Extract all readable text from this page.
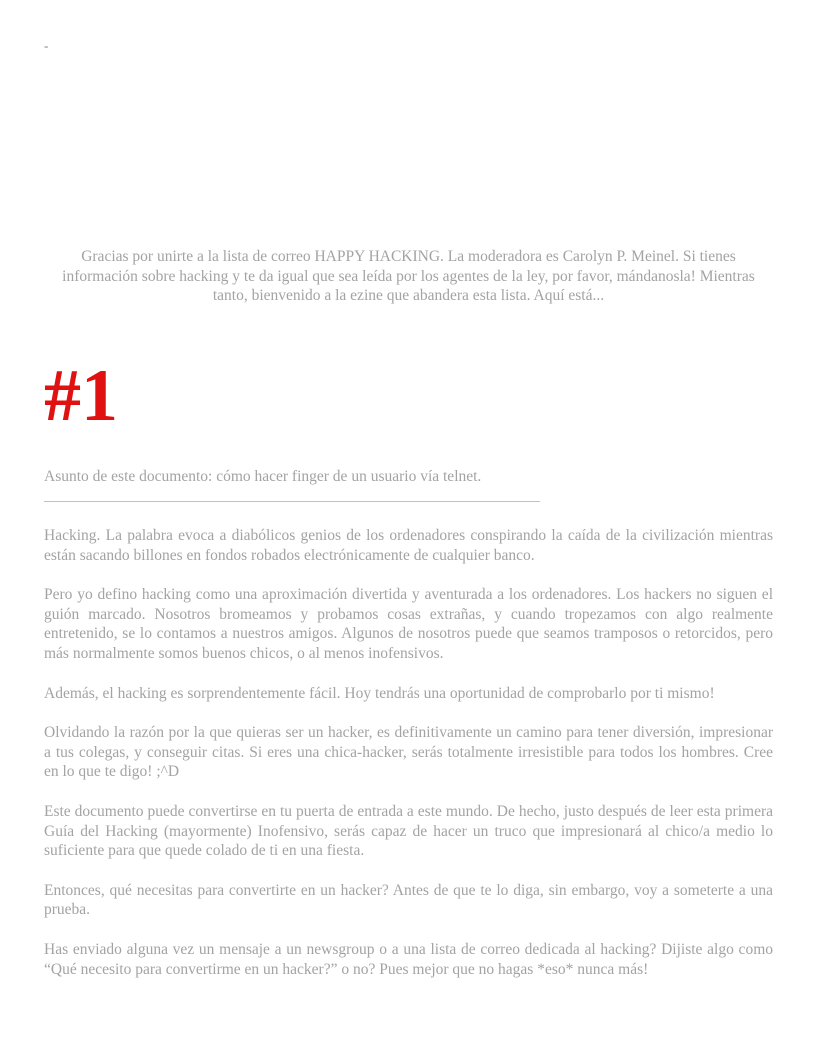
-

Gracias por unirte a la lista de correo HAPPY HACKING. La moderadora es Carolyn P. Meinel. Si tienes información sobre hacking y te da igual que sea leída por los agentes de la ley, por favor, mándanosla! Mientras tanto, bienvenido a la ezine que abandera esta lista. Aquí está...

#1

Asunto de este documento: cómo hacer finger de un usuario vía telnet.

________________________________________________________________

Hacking. La palabra evoca a diabólicos genios de los ordenadores conspirando la caída de la civilización mientras están sacando billones en fondos robados electrónicamente de cualquier banco.

Pero yo defino hacking como una aproximación divertida y aventurada a los ordenadores. Los hackers no siguen el guión marcado. Nosotros bromeamos y probamos cosas extrañas, y cuando tropezamos con algo realmente entretenido, se lo contamos a nuestros amigos. Algunos de nosotros puede que seamos tramposos o retorcidos, pero más normalmente somos buenos chicos, o al menos inofensivos.

Además, el hacking es sorprendentemente fácil. Hoy tendrás una oportunidad de comprobarlo por ti mismo!

Olvidando la razón por la que quieras ser un hacker, es definitivamente un camino para tener diversión, impresionar a tus colegas, y conseguir citas. Si eres una chica-hacker, serás totalmente irresistible para todos los hombres. Cree en lo que te digo! ;^D

Este documento puede convertirse en tu puerta de entrada a este mundo. De hecho, justo después de leer esta primera Guía del Hacking (mayormente) Inofensivo, serás capaz de hacer un truco que impresionará al chico/a medio lo suficiente para que quede colado de ti en una fiesta.

Entonces, qué necesitas para convertirte en un hacker? Antes de que te lo diga, sin embargo, voy a someterte a una prueba.

Has enviado alguna vez un mensaje a un newsgroup o a una lista de correo dedicada al hacking? Dijiste algo como “Qué necesito para convertirme en un hacker?” o no? Pues mejor que no hagas *eso* nunca más!
